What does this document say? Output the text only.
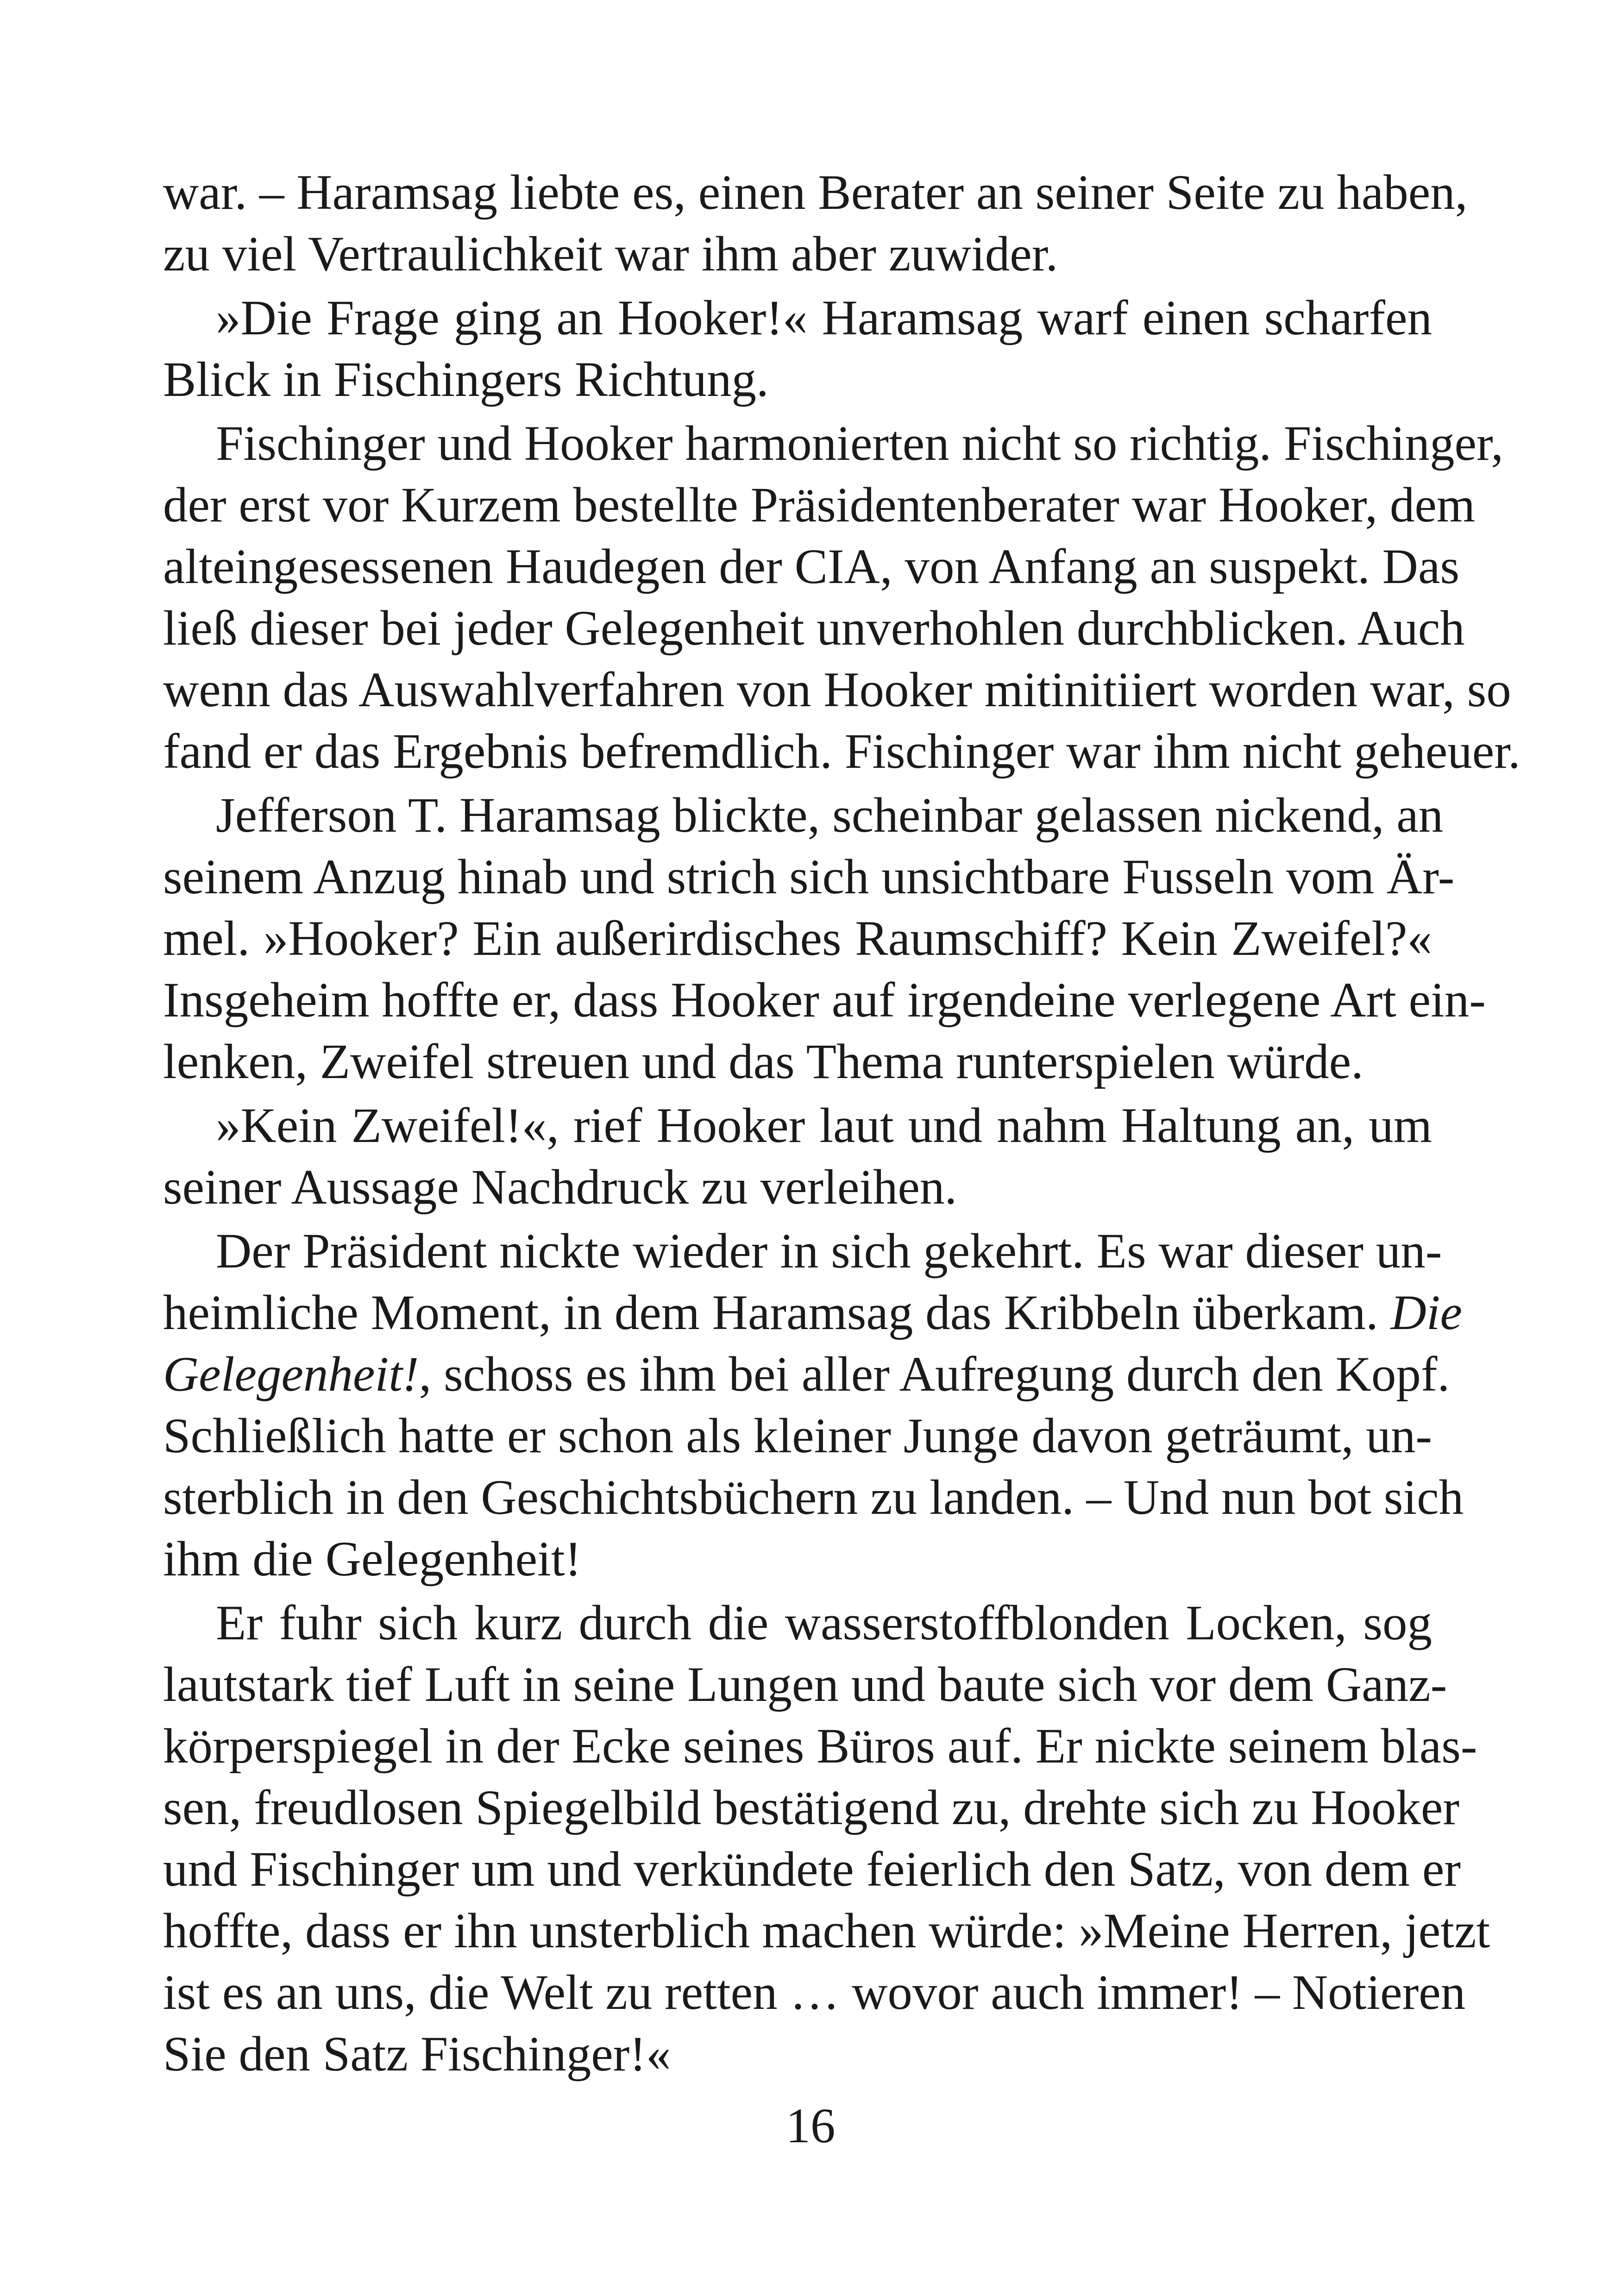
war. – Haramsag liebte es, einen Berater an seiner Seite zu haben,
zu viel Vertraulichkeit war ihm aber zuwider.
»Die Frage ging an Hooker!« Haramsag warf einen scharfen
Blick in Fischingers Richtung.
Fischinger und Hooker harmonierten nicht so richtig. Fischinger,
der erst vor Kurzem bestellte Präsidentenberater war Hooker, dem
alteingesessenen Haudegen der CIA, von Anfang an suspekt. Das
ließ dieser bei jeder Gelegenheit unverhohlen durchblicken. Auch
wenn das Auswahlverfahren von Hooker mitinitiiert worden war, so
fand er das Ergebnis befremdlich. Fischinger war ihm nicht geheuer.
Jefferson T. Haramsag blickte, scheinbar gelassen nickend, an
seinem Anzug hinab und strich sich unsichtbare Fusseln vom Är-
mel. »Hooker? Ein außerirdisches Raumschiff? Kein Zweifel?«
Insgeheim hoffte er, dass Hooker auf irgendeine verlegene Art ein-
lenken, Zweifel streuen und das Thema runterspielen würde.
»Kein Zweifel!«, rief Hooker laut und nahm Haltung an, um
seiner Aussage Nachdruck zu verleihen.
Der Präsident nickte wieder in sich gekehrt. Es war dieser un-
heimliche Moment, in dem Haramsag das Kribbeln überkam. Die
Gelegenheit!, schoss es ihm bei aller Aufregung durch den Kopf.
Schließlich hatte er schon als kleiner Junge davon geträumt, un-
sterblich in den Geschichtsbüchern zu landen. – Und nun bot sich
ihm die Gelegenheit!
Er fuhr sich kurz durch die wasserstoffblonden Locken, sog
lautstark tief Luft in seine Lungen und baute sich vor dem Ganz-
körperspiegel in der Ecke seines Büros auf. Er nickte seinem blas-
sen, freudlosen Spiegelbild bestätigend zu, drehte sich zu Hooker
und Fischinger um und verkündete feierlich den Satz, von dem er
hoffte, dass er ihn unsterblich machen würde: »Meine Herren, jetzt
ist es an uns, die Welt zu retten … wovor auch immer! – Notieren
Sie den Satz Fischinger!«
16
